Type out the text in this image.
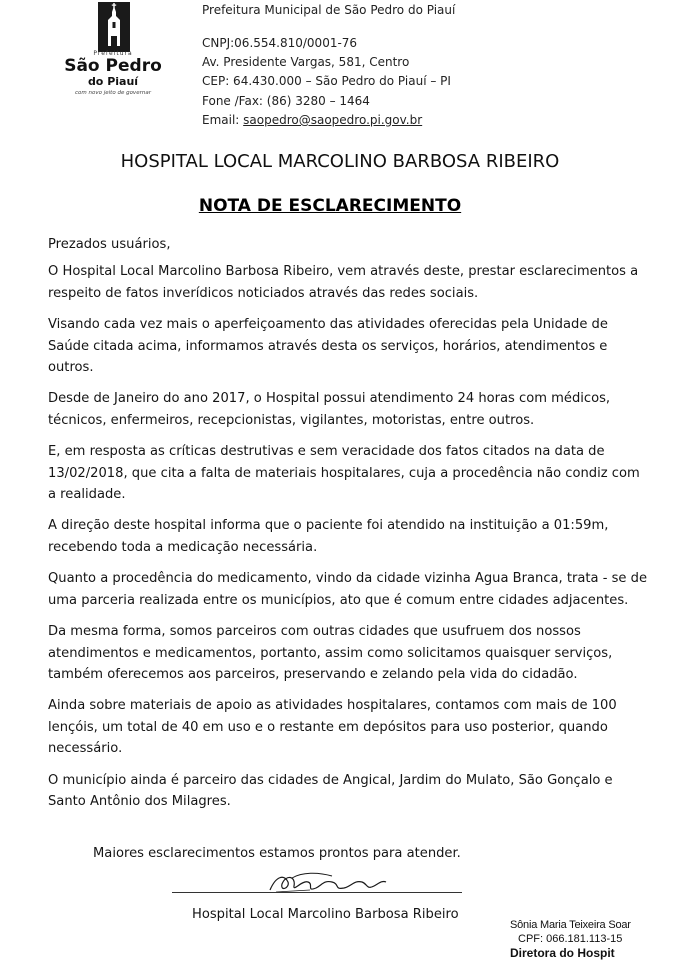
Prefeitura
São Pedro
do Piauí
com novo jeito de governar
Prefeitura Municipal de São Pedro do Piauí
CNPJ:06.554.810/0001-76
Av. Presidente Vargas, 581, Centro
CEP: 64.430.000 – São Pedro do Piauí – PI
Fone /Fax: (86) 3280 – 1464
Email: saopedro@saopedro.pi.gov.br
HOSPITAL LOCAL MARCOLINO BARBOSA RIBEIRO
NOTA DE ESCLARECIMENTO

Prezados usuários,

O Hospital Local Marcolino Barbosa Ribeiro, vem através deste, prestar esclarecimentos a respeito de fatos inverídicos noticiados através das redes sociais.

Visando cada vez mais o aperfeiçoamento das atividades oferecidas pela Unidade de Saúde citada acima, informamos através desta os serviços, horários, atendimentos e outros.

Desde de Janeiro do ano 2017, o Hospital possui atendimento 24 horas com médicos, técnicos, enfermeiros, recepcionistas, vigilantes, motoristas, entre outros.

E, em resposta as críticas destrutivas e sem veracidade dos fatos citados na data de 13/02/2018, que cita a falta de materiais hospitalares, cuja a procedência não condiz com a realidade.

A direção deste hospital informa que o paciente foi atendido na instituição a 01:59m, recebendo toda a medicação necessária.

Quanto a procedência do medicamento, vindo da cidade vizinha Agua Branca, trata - se de uma parceria realizada entre os municípios, ato que é comum entre cidades adjacentes.

Da mesma forma, somos parceiros com outras cidades que usufruem dos nossos atendimentos e medicamentos, portanto, assim como solicitamos quaisquer serviços, também oferecemos aos parceiros, preservando e zelando pela vida do cidadão.

Ainda sobre materiais de apoio as atividades hospitalares, contamos com mais de 100 lençóis, um total de 40 em uso e o restante em depósitos para uso posterior, quando necessário.

O município ainda é parceiro das cidades de Angical, Jardim do Mulato, São Gonçalo e Santo Antônio dos Milagres.

Maiores esclarecimentos estamos prontos para atender.
Hospital Local Marcolino Barbosa Ribeiro
Sônia Maria Teixeira Soar
CPF: 066.181.113-15
Diretora do Hospit
